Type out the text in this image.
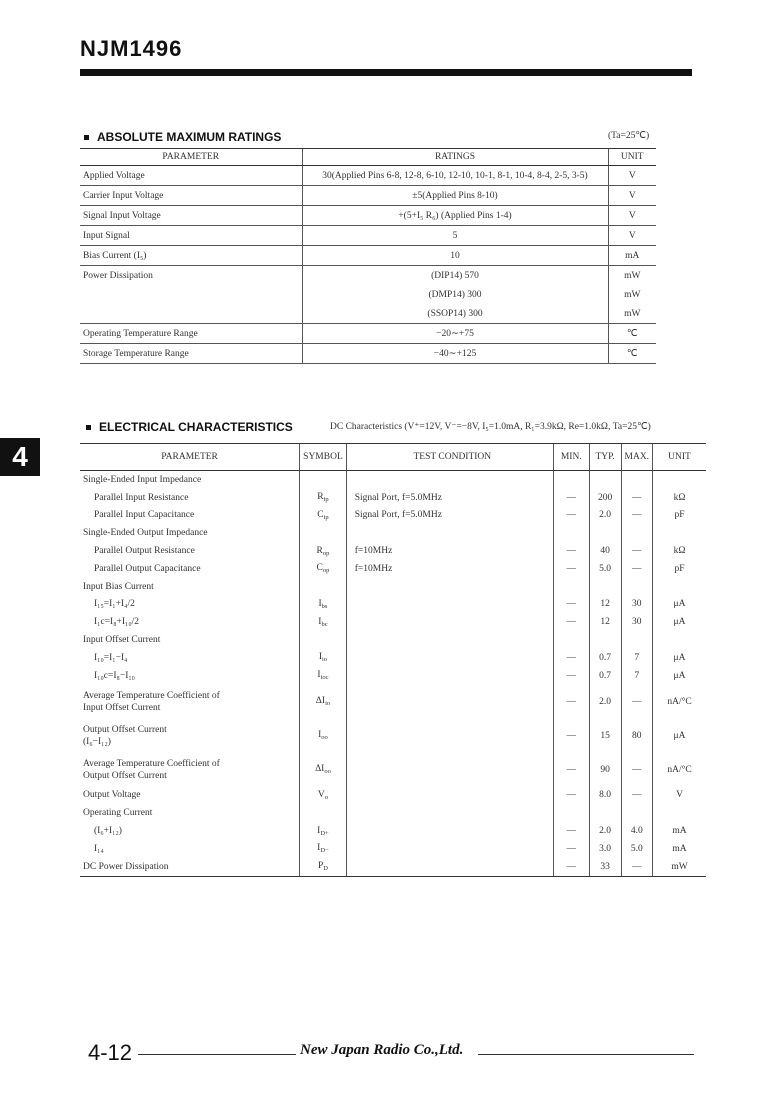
NJM1496
ABSOLUTE MAXIMUM RATINGS	(Ta=25℃)
PARAMETER	RATINGS	UNIT
Applied Voltage	30(Applied Pins 6-8, 12-8, 6-10, 12-10, 10-1, 8-1, 10-4, 8-4, 2-5, 3-5)	V
Carrier Input Voltage	±5(Applied Pins 8-10)	V
Signal Input Voltage	+(5+I₅ R₆) (Applied Pins 1-4)	V
Input Signal	5	V
Bias Current (I₅)	10	mA
Power Dissipation	(DIP14) 570	mW
	(DMP14) 300	mW
	(SSOP14) 300	mW
Operating Temperature Range	−20∼+75	℃
Storage Temperature Range	−40∼+125	℃
ELECTRICAL CHARACTERISTICS	DC Characteristics (V⁺=12V, V⁻=−8V, I₅=1.0mA, R₁=3.9kΩ, Re=1.0kΩ, Ta=25℃)
4	PARAMETER	SYMBOL	TEST CONDITION	MIN.	TYP.	MAX.	UNIT
Single-Ended Input Impedance						
Parallel Input Resistance	$R_{ip}$	Signal Port, f=5.0MHz	—	200	—	kΩ
Parallel Input Capacitance	$C_{ip}$	Signal Port, f=5.0MHz	—	2.0	—	pF
Single-Ended Output Impedance						
Parallel Output Resistance	$R_{op}$	f=10MHz	—	40	—	kΩ
Parallel Output Capacitance	$C_{op}$	f=10MHz	—	5.0	—	pF
Input Bias Current						
I₁₅=I₁+I₄/2	$I_{bs}$		—	12	30	μA
I₁c=I₈+I₁₀/2	$I_{bc}$		—	12	30	μA
Input Offset Current						
I₁₀=I₁−I₄	$I_{io}$		—	0.7	7	μA
I₁₀c=I₈−I₁₀	$I_{ioc}$		—	0.7	7	μA
Average Temperature Coefficient of
Input Offset Current	$\Delta I_{io}$		—	2.0	—	nA/°C
Output Offset Current
(I₆−I₁₂)	$I_{oo}$		—	15	80	μA
Average Temperature Coefficient of
Output Offset Current	$\Delta I_{oo}$		—	90	—	nA/°C
Output Voltage	$V_o$		—	8.0	—	V
Operating Current						
(I₆+I₁₂)	$I_{D+}$		—	2.0	4.0	mA
I₁₄	$I_{D-}$		—	3.0	5.0	mA
DC Power Dissipation	$P_D$		—	33	—	mW
4-12	New Japan Radio Co.,Ltd.
